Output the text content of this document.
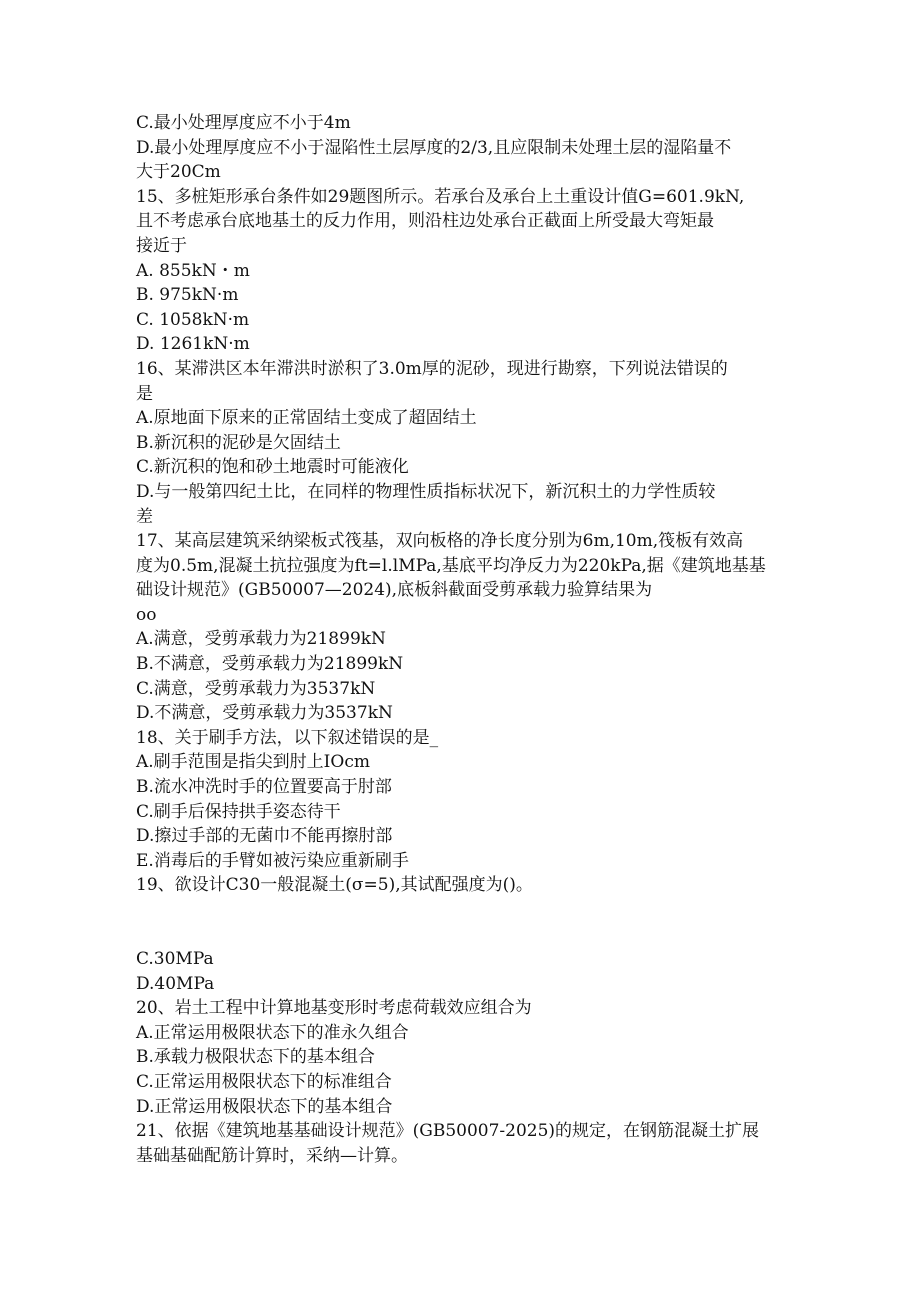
C.最小处理厚度应不小于4m
D.最小处理厚度应不小于湿陷性土层厚度的2/3,且应限制未处理土层的湿陷量不
大于20Cm
15、多桩矩形承台条件如29题图所示。若承台及承台上土重设计值G=601.9kN,
且不考虑承台底地基土的反力作用，则沿柱边处承台正截面上所受最大弯矩最
接近于
A. 855kN・m
B. 975kN·m
C. 1058kN·m
D. 1261kN·m
16、某滞洪区本年滞洪时淤积了3.0m厚的泥砂，现进行勘察，下列说法错误的
是
A.原地面下原来的正常固结土变成了超固结土
B.新沉积的泥砂是欠固结土
C.新沉积的饱和砂土地震时可能液化
D.与一般第四纪土比，在同样的物理性质指标状况下，新沉积土的力学性质较
差
17、某高层建筑采纳梁板式筏基，双向板格的净长度分别为6m,10m,筏板有效高
度为0.5m,混凝土抗拉强度为ft=l.lMPa,基底平均净反力为220kPa,据《建筑地基基
础设计规范》(GB50007—2024),底板斜截面受剪承载力验算结果为
oo
A.满意，受剪承载力为21899kN
B.不满意，受剪承载力为21899kN
C.满意，受剪承载力为3537kN
D.不满意，受剪承载力为3537kN
18、关于刷手方法，以下叙述错误的是_
A.刷手范围是指尖到肘上IOcm
B.流水冲洗时手的位置要高于肘部
C.刷手后保持拱手姿态待干
D.擦过手部的无菌巾不能再擦肘部
E.消毒后的手臂如被污染应重新刷手
19、欲设计C30一般混凝土(σ=5),其试配强度为()。
C.30MPa
D.40MPa
20、岩土工程中计算地基变形时考虑荷载效应组合为
A.正常运用极限状态下的准永久组合
B.承载力极限状态下的基本组合
C.正常运用极限状态下的标准组合
D.正常运用极限状态下的基本组合
21、依据《建筑地基基础设计规范》(GB50007-2025)的规定，在钢筋混凝土扩展
基础基础配筋计算时，采纳—计算。
